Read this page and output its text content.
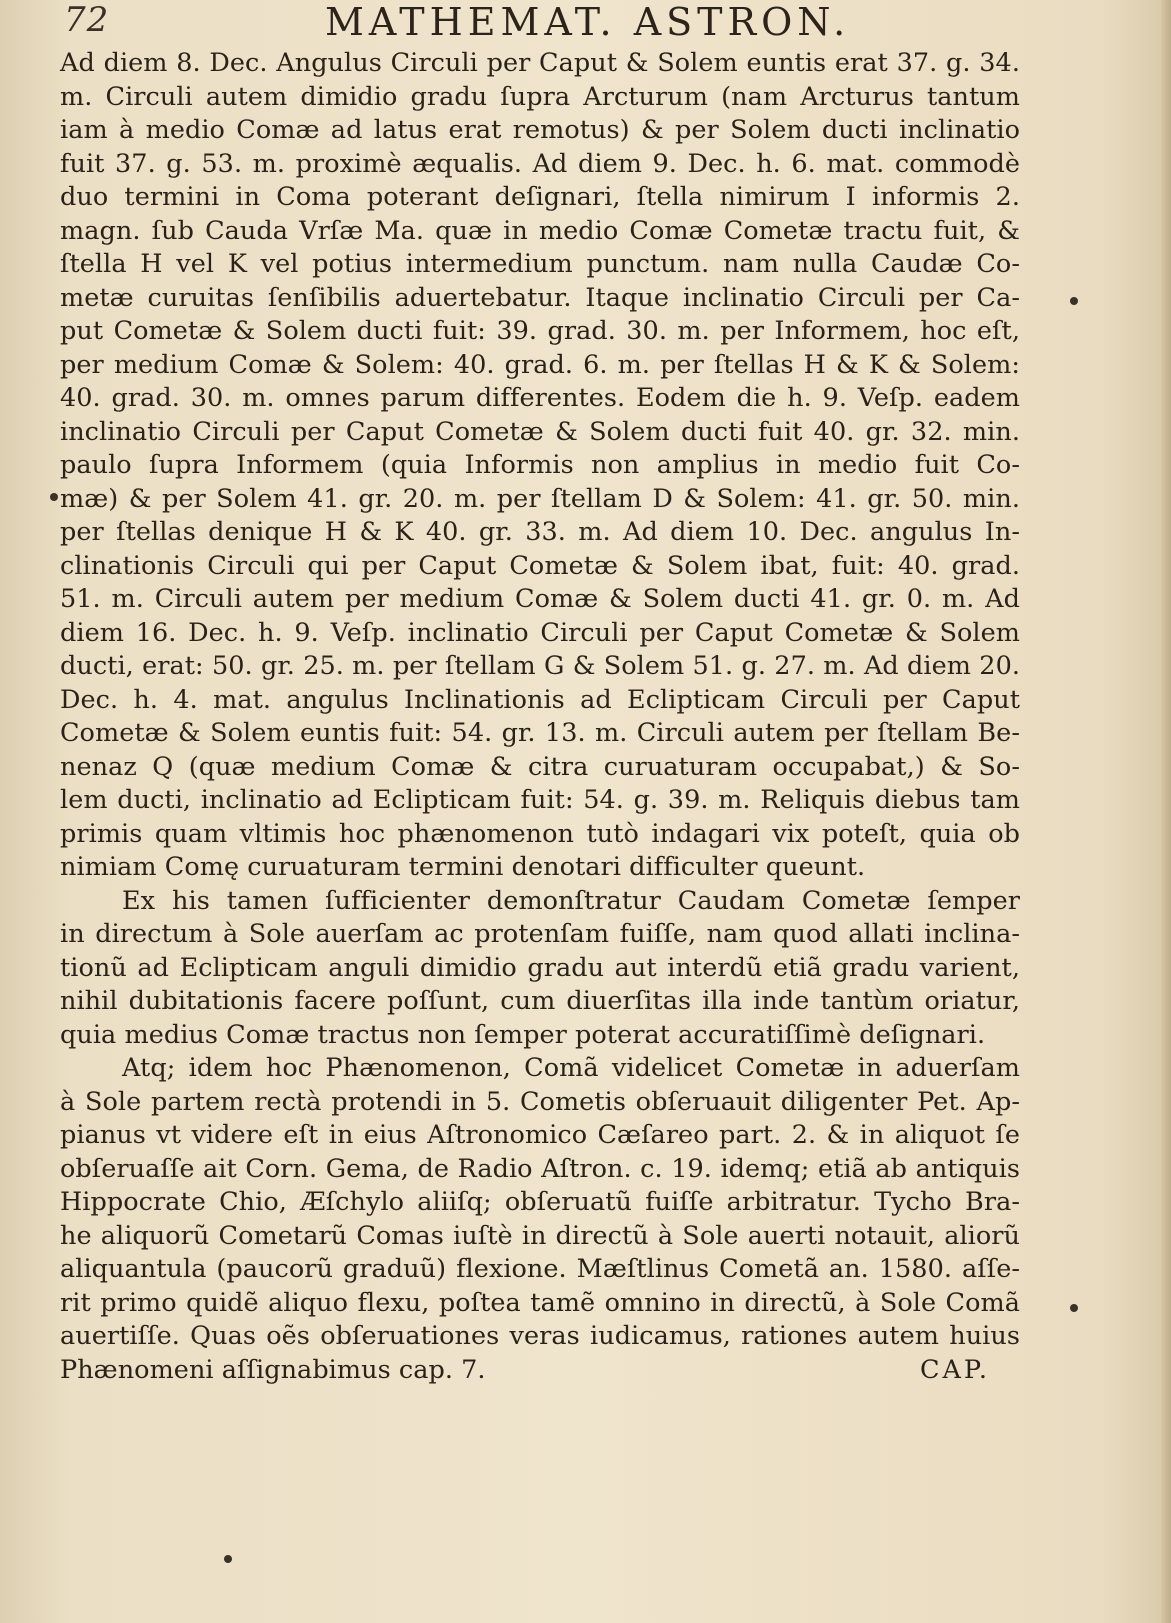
72	MATHEMAT. ASTRON.
Ad diem 8. Dec. Angulus Circuli per Caput & Solem euntis erat 37. g. 34.
m. Circuli autem dimidio gradu ſupra Arcturum (nam Arcturus tantum
iam à medio Comæ ad latus erat remotus) & per Solem ducti inclinatio
fuit 37. g. 53. m. proximè æqualis. Ad diem 9. Dec. h. 6. mat. commodè
duo termini in Coma poterant deſignari, ſtella nimirum I informis 2.
magn. ſub Cauda Vrſæ Ma. quæ in medio Comæ Cometæ tractu fuit, &
ſtella H vel K vel potius intermedium punctum. nam nulla Caudæ Co-
metæ curuitas ſenſibilis aduertebatur. Itaque inclinatio Circuli per Ca-
put Cometæ & Solem ducti fuit: 39. grad. 30. m. per Informem, hoc eſt,
per medium Comæ & Solem: 40. grad. 6. m. per ſtellas H & K & Solem:
40. grad. 30. m. omnes parum differentes. Eodem die h. 9. Veſp. eadem
inclinatio Circuli per Caput Cometæ & Solem ducti fuit 40. gr. 32. min.
paulo ſupra Informem (quia Informis non amplius in medio fuit Co-
mæ) & per Solem 41. gr. 20. m. per ſtellam D & Solem: 41. gr. 50. min.
per ſtellas denique H & K 40. gr. 33. m. Ad diem 10. Dec. angulus In-
clinationis Circuli qui per Caput Cometæ & Solem ibat, fuit: 40. grad.
51. m. Circuli autem per medium Comæ & Solem ducti 41. gr. 0. m. Ad
diem 16. Dec. h. 9. Veſp. inclinatio Circuli per Caput Cometæ & Solem
ducti, erat: 50. gr. 25. m. per ſtellam G & Solem 51. g. 27. m. Ad diem 20.
Dec. h. 4. mat. angulus Inclinationis ad Eclipticam Circuli per Caput
Cometæ & Solem euntis fuit: 54. gr. 13. m. Circuli autem per ſtellam Be-
nenaz Q (quæ medium Comæ & citra curuaturam occupabat,) & So-
lem ducti, inclinatio ad Eclipticam fuit: 54. g. 39. m. Reliquis diebus tam
primis quam vltimis hoc phænomenon tutò indagari vix poteſt, quia ob
nimiam Comę curuaturam termini denotari difficulter queunt.
Ex his tamen ſufficienter demonſtratur Caudam Cometæ ſemper
in directum à Sole auerſam ac protenſam fuiſſe, nam quod allati inclina-
tionũ ad Eclipticam anguli dimidio gradu aut interdũ etiã gradu varient,
nihil dubitationis facere poſſunt, cum diuerſitas illa inde tantùm oriatur,
quia medius Comæ tractus non ſemper poterat accuratiſſimè deſignari.
Atq; idem hoc Phænomenon, Comã videlicet Cometæ in aduerſam
à Sole partem rectà protendi in 5. Cometis obſeruauit diligenter Pet. Ap-
pianus vt videre eſt in eius Aſtronomico Cæſareo part. 2. & in aliquot ſe
obſeruaſſe ait Corn. Gema, de Radio Aſtron. c. 19. idemq; etiã ab antiquis
Hippocrate Chio, Æſchylo aliiſq; obſeruatũ fuiſſe arbitratur. Tycho Bra-
he aliquorũ Cometarũ Comas iuſtè in directũ à Sole auerti notauit, aliorũ
aliquantula (paucorũ graduũ) flexione. Mæſtlinus Cometã an. 1580. aſſe-
rit primo quidẽ aliquo flexu, poſtea tamẽ omnino in directũ, à Sole Comã
auertiſſe. Quas oẽs obſeruationes veras iudicamus, rationes autem huius
Phænomeni aſſignabimus cap. 7.	CAP.
